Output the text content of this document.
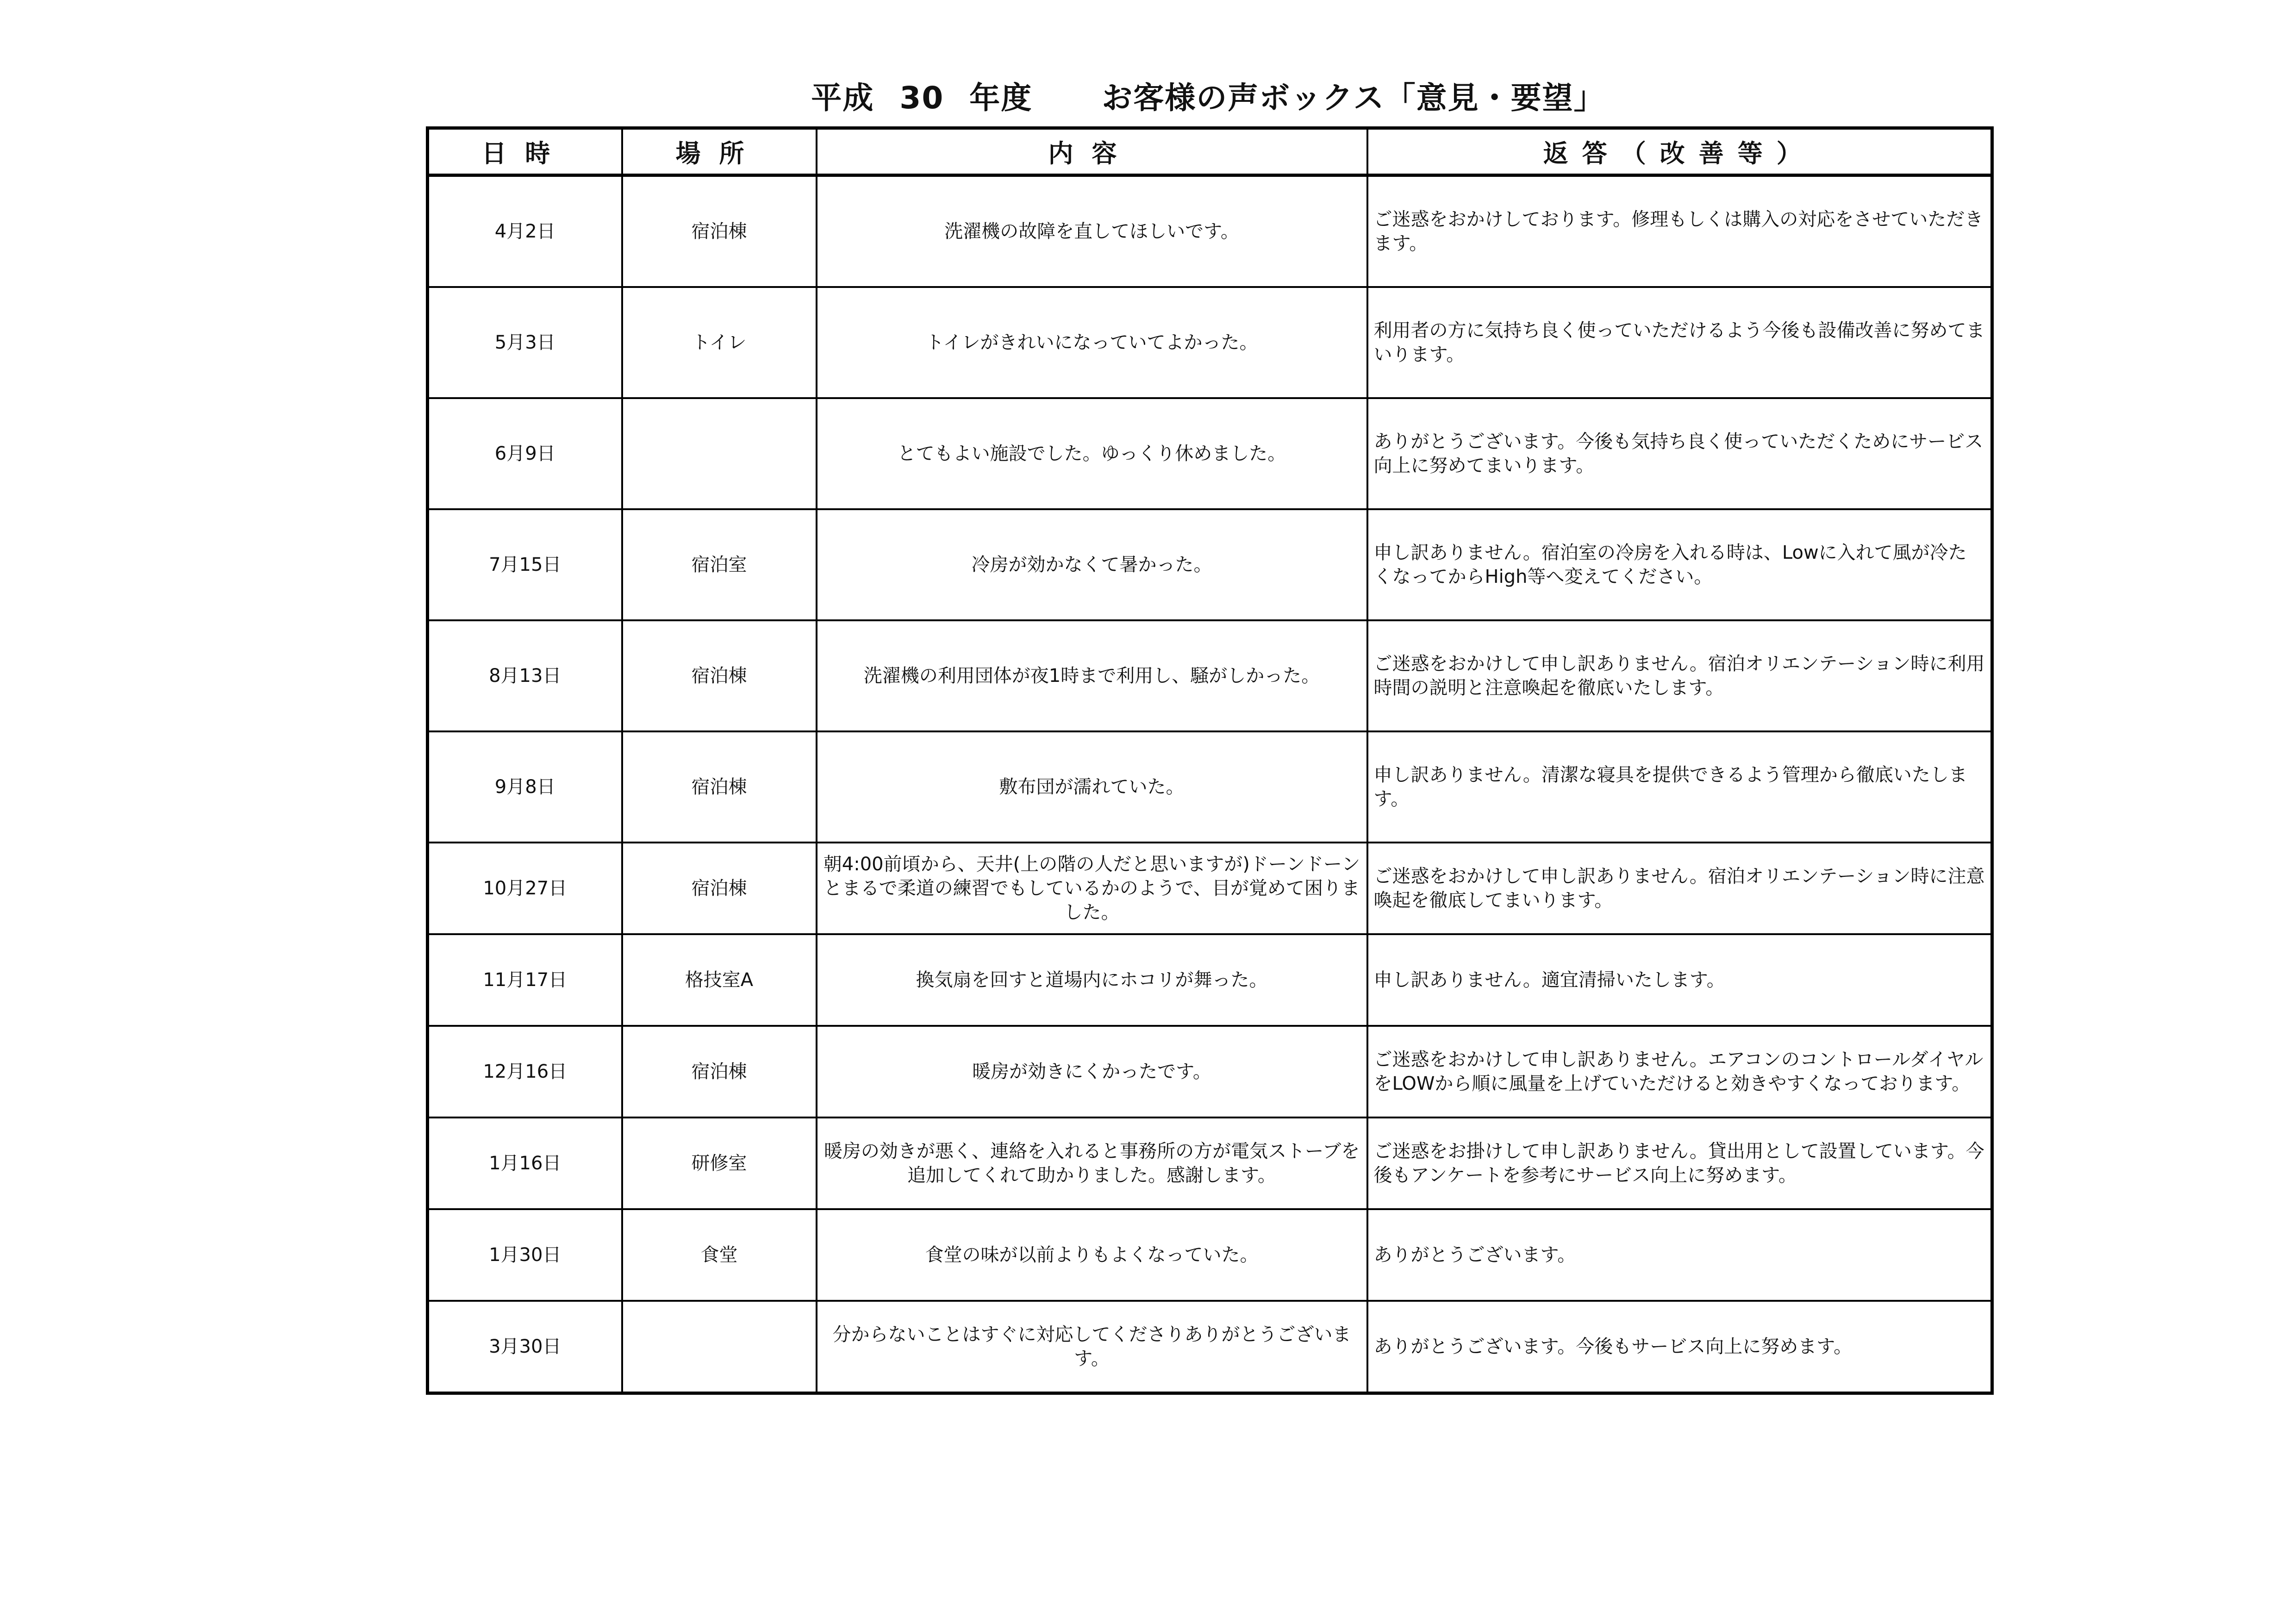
平成 30 年度 お客様の声ボックス「意見・要望」
日時	場所	内容	返答（改善等）
4月2日	宿泊棟	洗濯機の故障を直してほしいです。	ご迷惑をおかけしております。修理もしくは購入の対応をさせていただきます。
5月3日	トイレ	トイレがきれいになっていてよかった。	利用者の方に気持ち良く使っていただけるよう今後も設備改善に努めてまいります。
6月9日		とてもよい施設でした。ゆっくり休めました。	ありがとうございます。今後も気持ち良く使っていただくためにサービス向上に努めてまいります。
7月15日	宿泊室	冷房が効かなくて暑かった。	申し訳ありません。宿泊室の冷房を入れる時は、Lowに入れて風が冷たくなってからHigh等へ変えてください。
8月13日	宿泊棟	洗濯機の利用団体が夜1時まで利用し、騒がしかった。	ご迷惑をおかけして申し訳ありません。宿泊オリエンテーション時に利用時間の説明と注意喚起を徹底いたします。
9月8日	宿泊棟	敷布団が濡れていた。	申し訳ありません。清潔な寝具を提供できるよう管理から徹底いたします。
10月27日	宿泊棟	朝4:00前頃から、天井(上の階の人だと思いますが)ドーンドーンとまるで柔道の練習でもしているかのようで、目が覚めて困りました。	ご迷惑をおかけして申し訳ありません。宿泊オリエンテーション時に注意喚起を徹底してまいります。
11月17日	格技室A	換気扇を回すと道場内にホコリが舞った。	申し訳ありません。適宜清掃いたします。
12月16日	宿泊棟	暖房が効きにくかったです。	ご迷惑をおかけして申し訳ありません。エアコンのコントロールダイヤルをLOWから順に風量を上げていただけると効きやすくなっております。
1月16日	研修室	暖房の効きが悪く、連絡を入れると事務所の方が電気ストーブを追加してくれて助かりました。感謝します。	ご迷惑をお掛けして申し訳ありません。貸出用として設置しています。今後もアンケートを参考にサービス向上に努めます。
1月30日	食堂	食堂の味が以前よりもよくなっていた。	ありがとうございます。
3月30日		分からないことはすぐに対応してくださりありがとうございます。	ありがとうございます。今後もサービス向上に努めます。
